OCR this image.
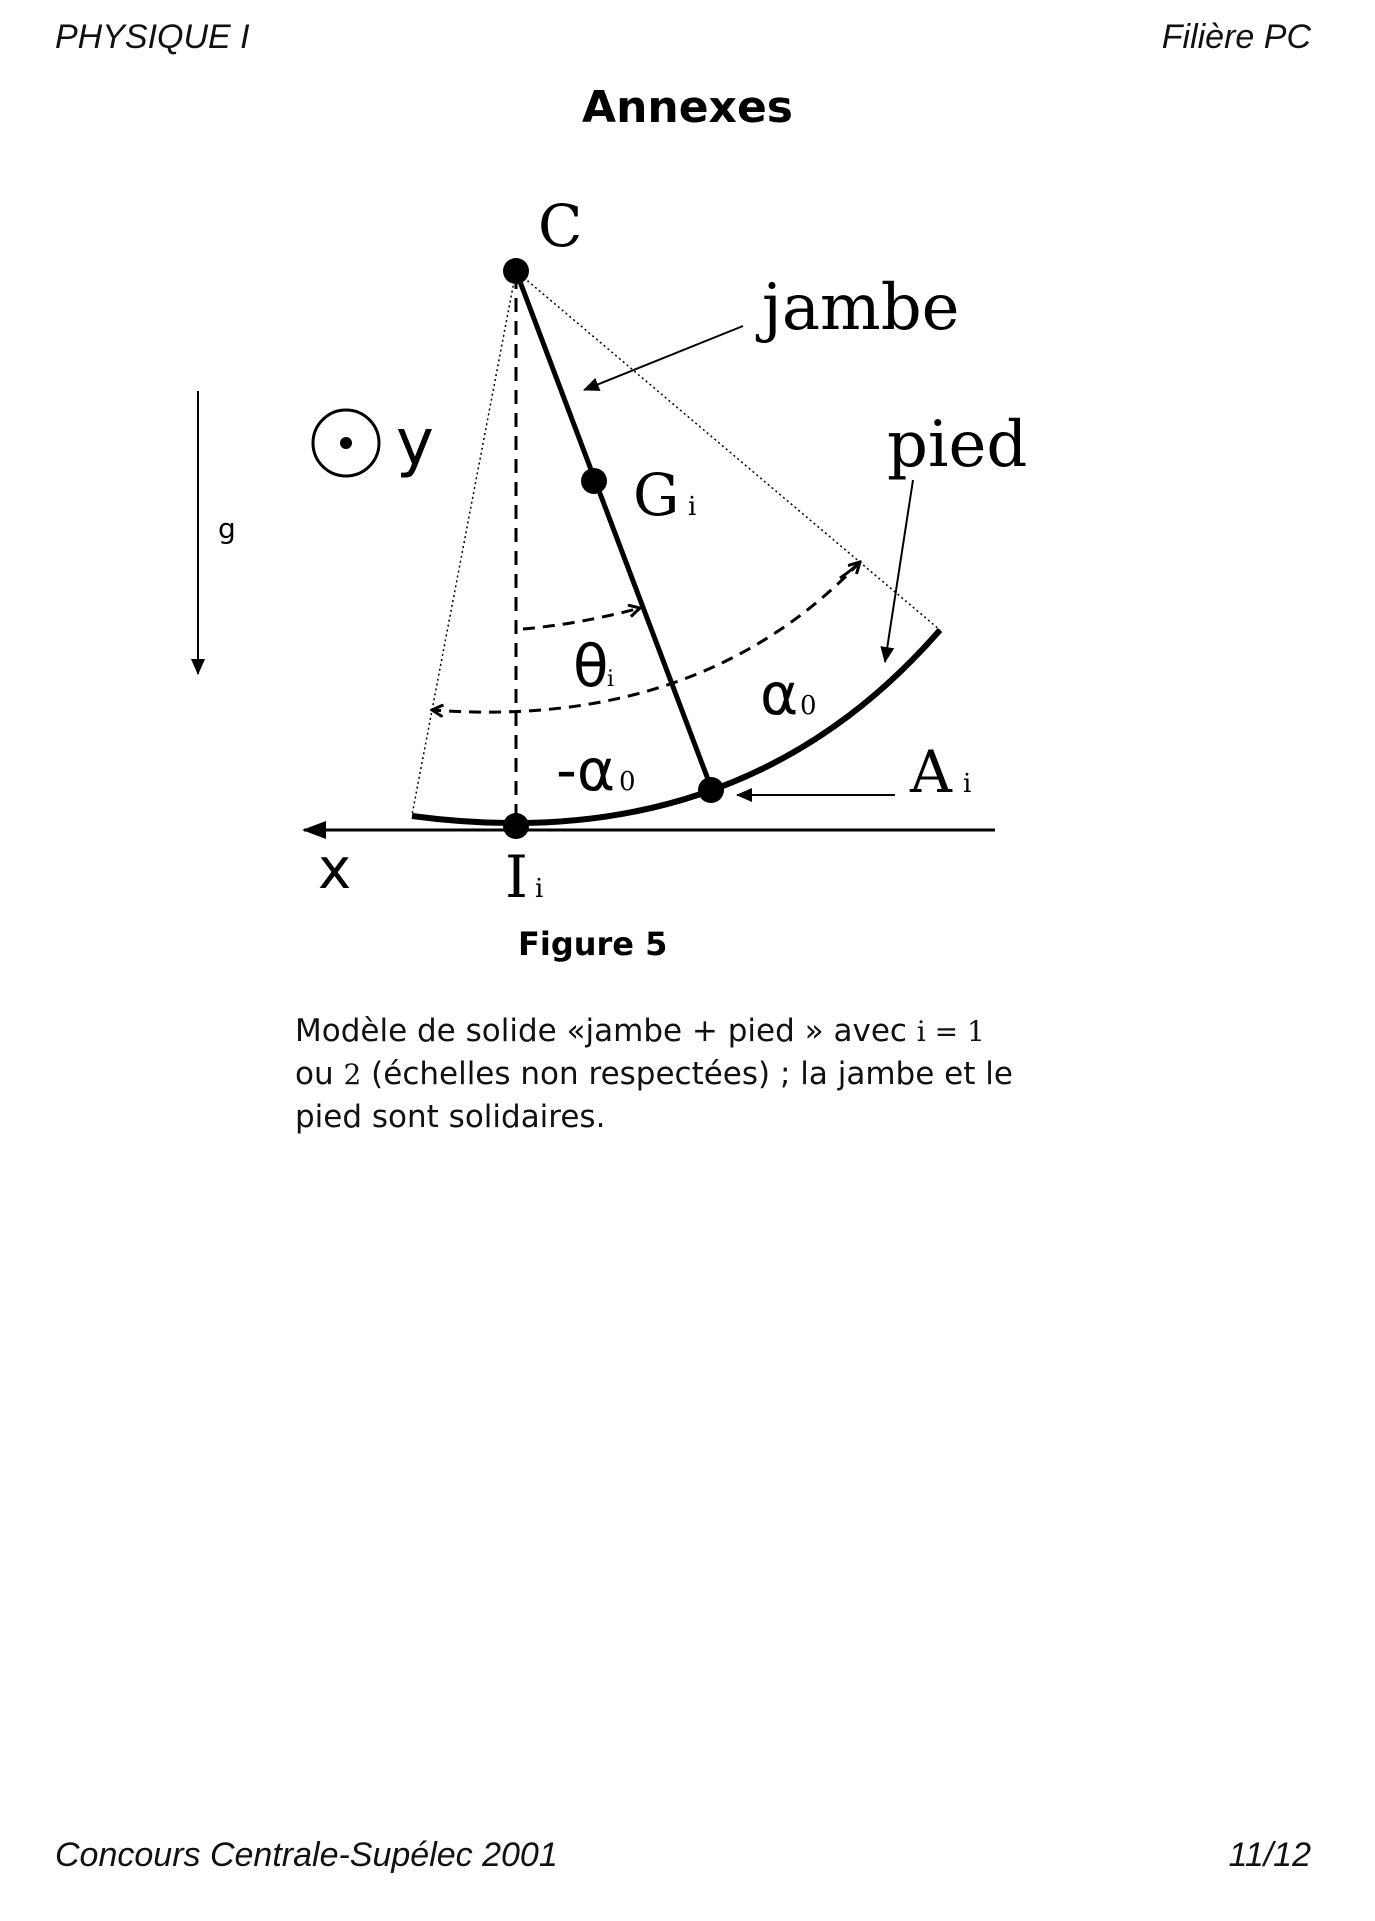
PHYSIQUE I	Filière PC
Annexes
g
y
x
C
jambe
pied
G i
θ
i	α 0
-α 0	A i
I i
Figure 5
Modèle de solide «jambe + pied » avec i = 1
ou 2 (échelles non respectées) ; la jambe et le pied sont solidaires.
Concours Centrale-Supélec 2001	11/12
